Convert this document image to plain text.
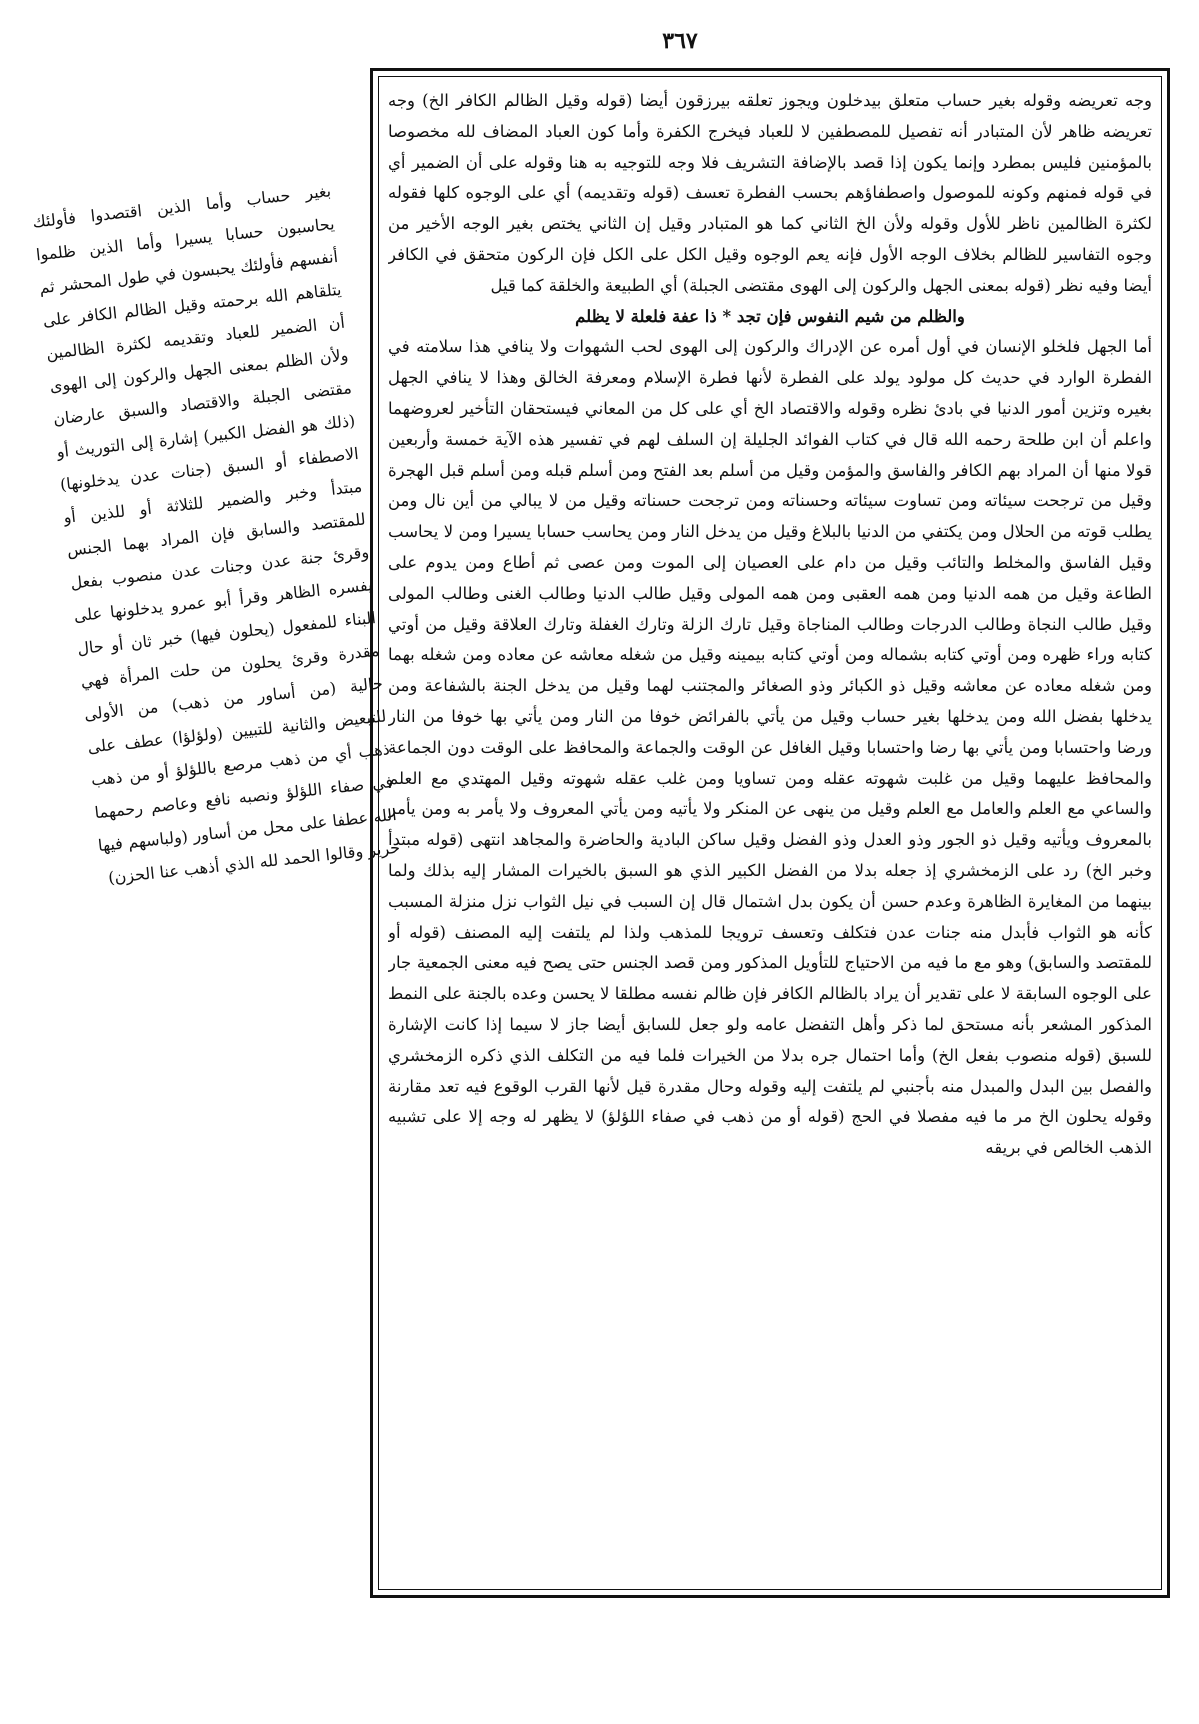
٣٦٧

وجه تعريضه وقوله بغير حساب متعلق بيدخلون ويجوز تعلقه بيرزقون أيضا (قوله وقيل الظالم الكافر الخ) وجه تعريضه ظاهر لأن المتبادر أنه تفصيل للمصطفين لا للعباد فيخرج الكفرة وأما كون العباد المضاف لله مخصوصا بالمؤمنين فليس بمطرد وإنما يكون إذا قصد بالإضافة التشريف فلا وجه للتوجيه به هنا وقوله على أن الضمير أي في قوله فمنهم وكونه للموصول واصطفاؤهم بحسب الفطرة تعسف (قوله وتقديمه) أي على الوجوه كلها فقوله لكثرة الظالمين ناظر للأول وقوله ولأن الخ الثاني كما هو المتبادر وقيل إن الثاني يختص بغير الوجه الأخير من وجوه التفاسير للظالم بخلاف الوجه الأول فإنه يعم الوجوه وقيل الكل على الكل فإن الركون متحقق في الكافر أيضا وفيه نظر (قوله بمعنى الجهل والركون إلى الهوى مقتضى الجبلة) أي الطبيعة والخلقة كما قيل

والظلم من شيم النفوس فإن تجد * ذا عفة فلعلة لا يظلم

أما الجهل فلخلو الإنسان في أول أمره عن الإدراك والركون إلى الهوى لحب الشهوات ولا ينافي هذا سلامته في الفطرة الوارد في حديث كل مولود يولد على الفطرة لأنها فطرة الإسلام ومعرفة الخالق وهذا لا ينافي الجهل بغيره وتزين أمور الدنيا في بادئ نظره وقوله والاقتصاد الخ أي على كل من المعاني فيستحقان التأخير لعروضهما واعلم أن ابن طلحة رحمه الله قال في كتاب الفوائد الجليلة إن السلف لهم في تفسير هذه الآية خمسة وأربعين قولا منها أن المراد بهم الكافر والفاسق والمؤمن وقيل من أسلم بعد الفتح ومن أسلم قبله ومن أسلم قبل الهجرة وقيل من ترجحت سيئاته ومن تساوت سيئاته وحسناته ومن ترجحت حسناته وقيل من لا يبالي من أين نال ومن يطلب قوته من الحلال ومن يكتفي من الدنيا بالبلاغ وقيل من يدخل النار ومن يحاسب حسابا يسيرا ومن لا يحاسب وقيل الفاسق والمخلط والتائب وقيل من دام على العصيان إلى الموت ومن عصى ثم أطاع ومن يدوم على الطاعة وقيل من همه الدنيا ومن همه العقبى ومن همه المولى وقيل طالب الدنيا وطالب الغنى وطالب المولى وقيل طالب النجاة وطالب الدرجات وطالب المناجاة وقيل تارك الزلة وتارك الغفلة وتارك العلاقة وقيل من أوتي كتابه وراء ظهره ومن أوتي كتابه بشماله ومن أوتي كتابه بيمينه وقيل من شغله معاشه عن معاده ومن شغله بهما ومن شغله معاده عن معاشه وقيل ذو الكبائر وذو الصغائر والمجتنب لهما وقيل من يدخل الجنة بالشفاعة ومن يدخلها بفضل الله ومن يدخلها بغير حساب وقيل من يأتي بالفرائض خوفا من النار ومن يأتي بها خوفا من النار ورضا واحتسابا ومن يأتي بها رضا واحتسابا وقيل الغافل عن الوقت والجماعة والمحافظ على الوقت دون الجماعة والمحافظ عليهما وقيل من غلبت شهوته عقله ومن تساويا ومن غلب عقله شهوته وقيل المهتدي مع العلم والساعي مع العلم والعامل مع العلم وقيل من ينهى عن المنكر ولا يأتيه ومن يأتي المعروف ولا يأمر به ومن يأمر بالمعروف ويأتيه وقيل ذو الجور وذو العدل وذو الفضل وقيل ساكن البادية والحاضرة والمجاهد انتهى (قوله مبتدأ وخبر الخ) رد على الزمخشري إذ جعله بدلا من الفضل الكبير الذي هو السبق بالخيرات المشار إليه بذلك ولما بينهما من المغايرة الظاهرة وعدم حسن أن يكون بدل اشتمال قال إن السبب في نيل الثواب نزل منزلة المسبب كأنه هو الثواب فأبدل منه جنات عدن فتكلف وتعسف ترويجا للمذهب ولذا لم يلتفت إليه المصنف (قوله أو للمقتصد والسابق) وهو مع ما فيه من الاحتياج للتأويل المذكور ومن قصد الجنس حتى يصح فيه معنى الجمعية جار على الوجوه السابقة لا على تقدير أن يراد بالظالم الكافر فإن ظالم نفسه مطلقا لا يحسن وعده بالجنة على النمط المذكور المشعر بأنه مستحق لما ذكر وأهل التفضل عامه ولو جعل للسابق أيضا جاز لا سيما إذا كانت الإشارة للسبق (قوله منصوب بفعل الخ) وأما احتمال جره بدلا من الخيرات فلما فيه من التكلف الذي ذكره الزمخشري والفصل بين البدل والمبدل منه بأجنبي لم يلتفت إليه وقوله وحال مقدرة قيل لأنها القرب الوقوع فيه تعد مقارنة وقوله يحلون الخ مر ما فيه مفصلا في الحج (قوله أو من ذهب في صفاء اللؤلؤ) لا يظهر له وجه إلا على تشبيه الذهب الخالص في بريقه

بغير حساب وأما الذين اقتصدوا فأولئك يحاسبون حسابا يسيرا وأما الذين ظلموا أنفسهم فأولئك يحبسون في طول المحشر ثم يتلقاهم الله برحمته وقيل الظالم الكافر على أن الضمير للعباد وتقديمه لكثرة الظالمين ولأن الظلم بمعنى الجهل والركون إلى الهوى مقتضى الجبلة والاقتصاد والسبق عارضان (ذلك هو الفضل الكبير) إشارة إلى التوريث أو الاصطفاء أو السبق (جنات عدن يدخلونها) مبتدأ وخبر والضمير للثلاثة أو للذين أو للمقتصد والسابق فإن المراد بهما الجنس وقرئ جنة عدن وجنات عدن منصوب بفعل يفسره الظاهر وقرأ أبو عمرو يدخلونها على البناء للمفعول (يحلون فيها) خبر ثان أو حال مقدرة وقرئ يحلون من حلت المرأة فهي حالية (من أساور من ذهب) من الأولى للتبعيض والثانية للتبيين (ولؤلؤا) عطف على ذهب أي من ذهب مرصع باللؤلؤ أو من ذهب في صفاء اللؤلؤ ونصبه نافع وعاصم رحمهما الله عطفا على محل من أساور (ولباسهم فيها حرير وقالوا الحمد لله الذي أذهب عنا الحزن)
